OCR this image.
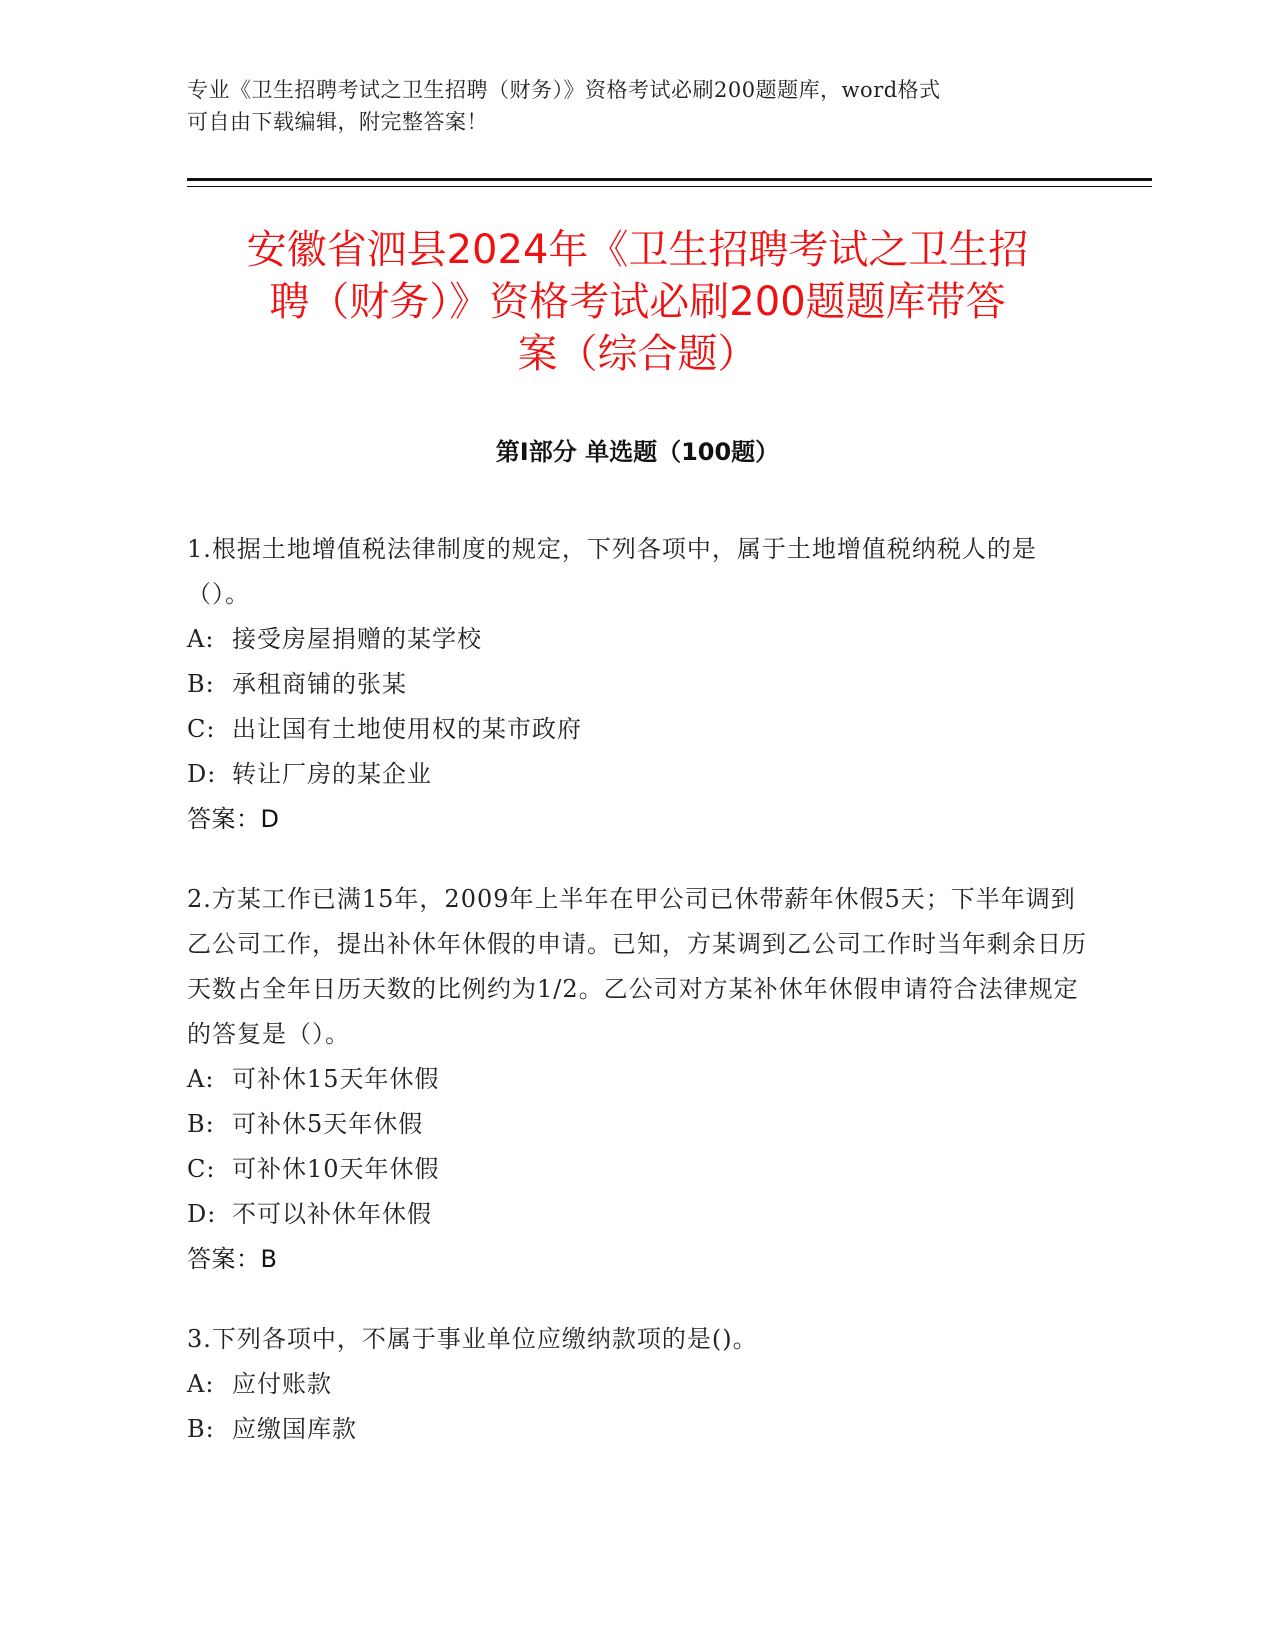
专业《卫生招聘考试之卫生招聘（财务）》资格考试必刷200题题库，word格式
可自由下载编辑，附完整答案！
安徽省泗县2024年《卫生招聘考试之卫生招
聘（财务）》资格考试必刷200题题库带答
案（综合题）
第Ⅰ部分 单选题（100题）
1.根据土地增值税法律制度的规定，下列各项中，属于土地增值税纳税人的是（）。
A: 接受房屋捐赠的某学校
B: 承租商铺的张某
C: 出让国有土地使用权的某市政府
D: 转让厂房的某企业
答案：D
2.方某工作已满15年，2009年上半年在甲公司已休带薪年休假5天；下半年调到乙公司工作，提出补休年休假的申请。已知，方某调到乙公司工作时当年剩余日历天数占全年日历天数的比例约为1/2。乙公司对方某补休年休假申请符合法律规定的答复是（）。
A: 可补休15天年休假
B: 可补休5天年休假
C: 可补休10天年休假
D: 不可以补休年休假
答案：B
3.下列各项中，不属于事业单位应缴纳款项的是()。
A: 应付账款
B: 应缴国库款
